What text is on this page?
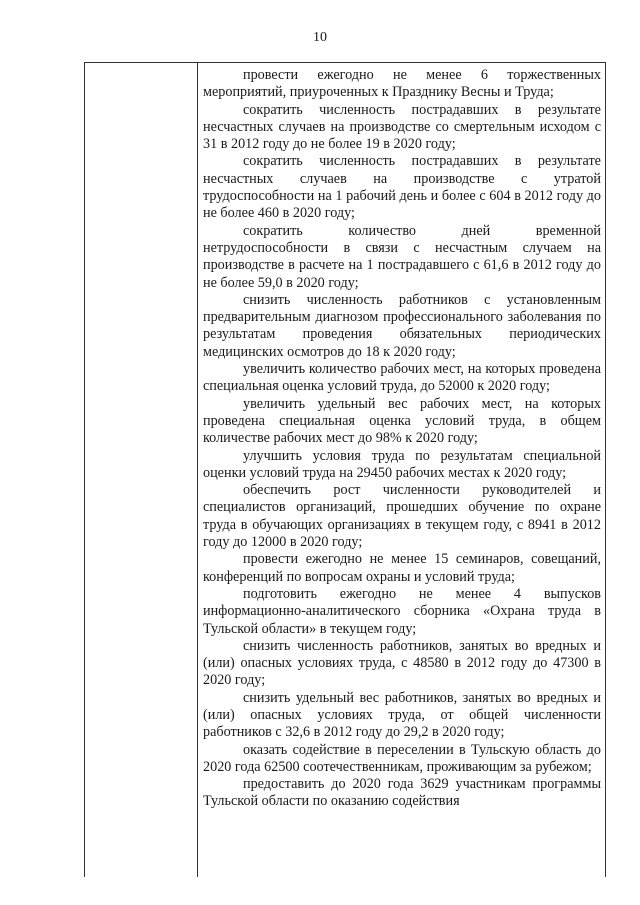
10

провести ежегодно не менее 6 торжественных мероприятий, приуроченных к Празднику Весны и Труда;

сократить численность пострадавших в результате несчастных случаев на производстве со смертельным исходом с 31 в 2012 году до не более 19 в 2020 году;

сократить численность пострадавших в результате несчастных случаев на производстве с утратой трудоспособности на 1 рабочий день и более с 604 в 2012 году до не более 460 в 2020 году;

сократить количество дней временной нетрудоспособности в связи с несчастным случаем на производстве в расчете на 1 пострадавшего с 61,6 в 2012 году до не более 59,0 в 2020 году;

снизить численность работников с установленным предварительным диагнозом профессионального заболевания по результатам проведения обязательных периодических медицинских осмотров до 18 к 2020 году;

увеличить количество рабочих мест, на которых проведена специальная оценка условий труда, до 52000 к 2020 году;

увеличить удельный вес рабочих мест, на которых проведена специальная оценка условий труда, в общем количестве рабочих мест до 98% к 2020 году;

улучшить условия труда по результатам специальной оценки условий труда на 29450 рабочих местах к 2020 году;

обеспечить рост численности руководителей и специалистов организаций, прошедших обучение по охране труда в обучающих организациях в текущем году, с 8941 в 2012 году до 12000 в 2020 году;

провести ежегодно не менее 15 семинаров, совещаний, конференций по вопросам охраны и условий труда;

подготовить ежегодно не менее 4 выпусков информационно-аналитического сборника «Охрана труда в Тульской области» в текущем году;

снизить численность работников, занятых во вредных и (или) опасных условиях труда, с 48580 в 2012 году до 47300 в 2020 году;

снизить удельный вес работников, занятых во вредных и (или) опасных условиях труда, от общей численности работников с 32,6 в 2012 году до 29,2 в 2020 году;

оказать содействие в переселении в Тульскую область до 2020 года 62500 соотечественникам, проживающим за рубежом;

предоставить до 2020 года 3629 участникам программы Тульской области по оказанию содействия
